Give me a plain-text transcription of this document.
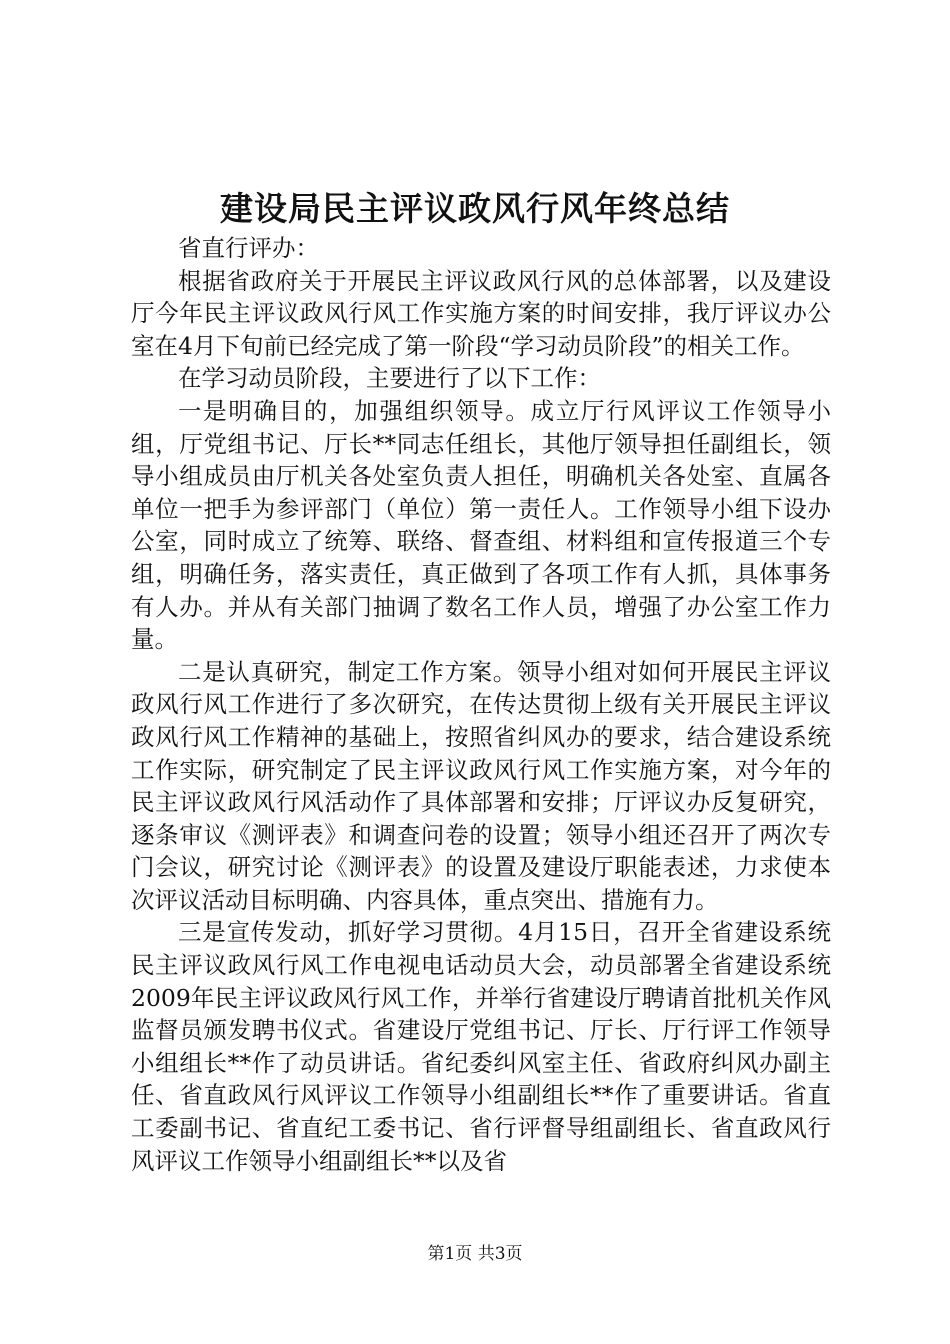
建设局民主评议政风行风年终总结

省直行评办：

根据省政府关于开展民主评议政风行风的总体部署，以及建设厅今年民主评议政风行风工作实施方案的时间安排，我厅评议办公室在4月下旬前已经完成了第一阶段“学习动员阶段”的相关工作。

在学习动员阶段，主要进行了以下工作：

一是明确目的，加强组织领导。成立厅行风评议工作领导小组，厅党组书记、厅长**同志任组长，其他厅领导担任副组长，领导小组成员由厅机关各处室负责人担任，明确机关各处室、直属各单位一把手为参评部门（单位）第一责任人。工作领导小组下设办公室，同时成立了统筹、联络、督查组、材料组和宣传报道三个专组，明确任务，落实责任，真正做到了各项工作有人抓，具体事务有人办。并从有关部门抽调了数名工作人员，增强了办公室工作力量。

二是认真研究，制定工作方案。领导小组对如何开展民主评议政风行风工作进行了多次研究，在传达贯彻上级有关开展民主评议政风行风工作精神的基础上，按照省纠风办的要求，结合建设系统工作实际，研究制定了民主评议政风行风工作实施方案，对今年的民主评议政风行风活动作了具体部署和安排；厅评议办反复研究，逐条审议《测评表》和调查问卷的设置；领导小组还召开了两次专门会议，研究讨论《测评表》的设置及建设厅职能表述，力求使本次评议活动目标明确、内容具体，重点突出、措施有力。

三是宣传发动，抓好学习贯彻。4月15日，召开全省建设系统民主评议政风行风工作电视电话动员大会，动员部署全省建设系统2009年民主评议政风行风工作，并举行省建设厅聘请首批机关作风监督员颁发聘书仪式。省建设厅党组书记、厅长、厅行评工作领导小组组长**作了动员讲话。省纪委纠风室主任、省政府纠风办副主任、省直政风行风评议工作领导小组副组长**作了重要讲话。省直工委副书记、省直纪工委书记、省行评督导组副组长、省直政风行风评议工作领导小组副组长**以及省

第1页 共3页
